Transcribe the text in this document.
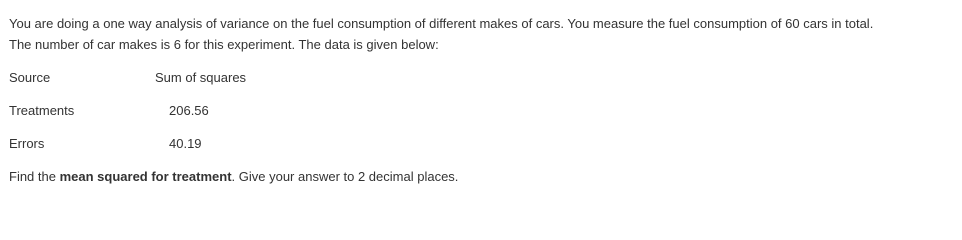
You are doing a one way analysis of variance on the fuel consumption of different makes of cars. You measure the fuel consumption of 60 cars in total.
The number of car makes is 6 for this experiment. The data is given below:

Source	Sum of squares
Treatments	206.56
Errors	40.19

Find the mean squared for treatment. Give your answer to 2 decimal places.
